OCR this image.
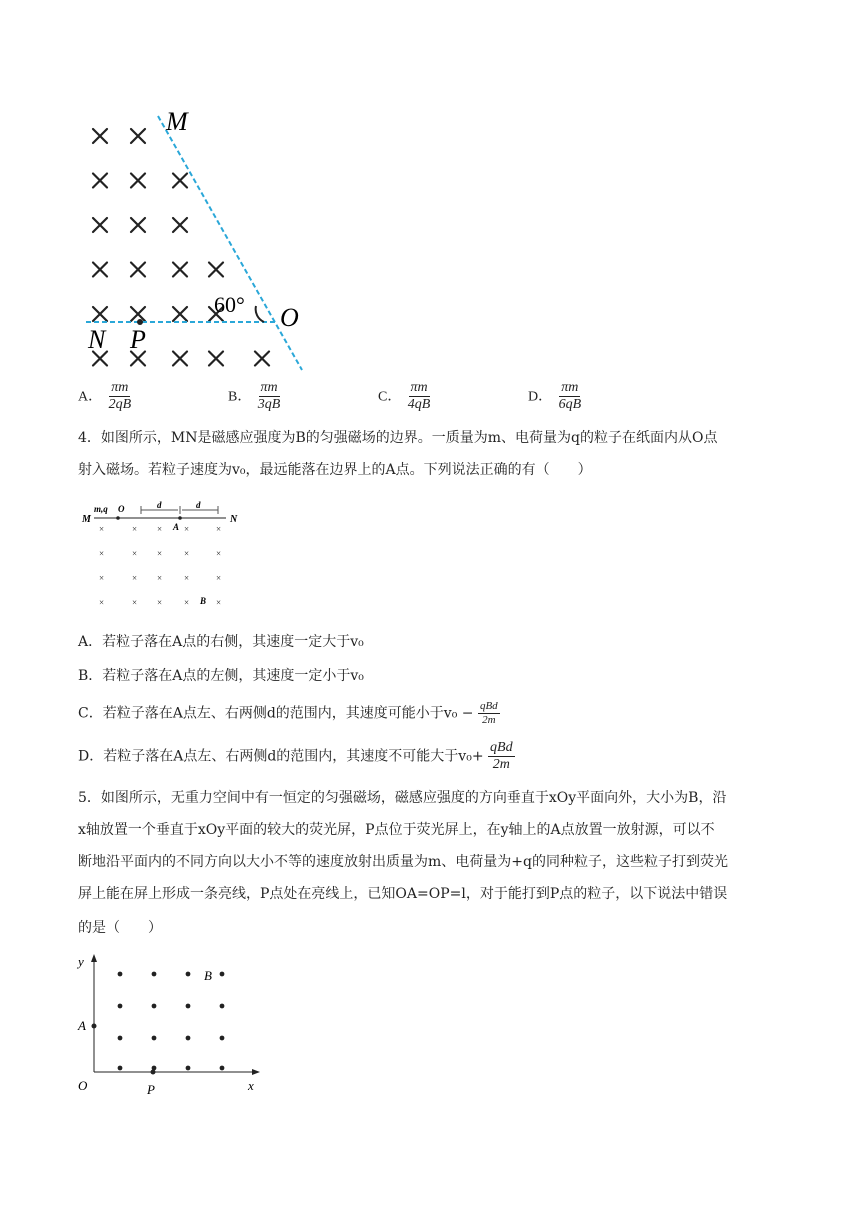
M
60° O
N P
A． $\frac{\pi m}{2qB}$	B． $\frac{\pi m}{3qB}$	C． $\frac{\pi m}{4qB}$	D． $\frac{\pi m}{6qB}$
4．如图所示，MN是磁感应强度为B的匀强磁场的边界。一质量为m、电荷量为q的粒子在纸面内从O点
射入磁场。若粒子速度为v₀，最远能落在边界上的A点。下列说法正确的有（　　）
×	× × ×	×
×	× × ×	×
×	× × ×	×
×	× × ×	×
M
m,q O	d	d
A
N
B
A．若粒子落在A点的右侧，其速度一定大于v₀
B．若粒子落在A点的左侧，其速度一定小于v₀
C．若粒子落在A点左、右两侧d的范围内，其速度可能小于$v_0 - \frac{\text{qBd}}{2m}$
D．若粒子落在A点左、右两侧d的范围内，其速度不可能大于$v_0+ \frac{\text{qBd}}{2m}$
5．如图所示，无重力空间中有一恒定的匀强磁场，磁感应强度的方向垂直于xOy平面向外，大小为B，沿
x轴放置一个垂直于xOy平面的较大的荧光屏，P点位于荧光屏上，在y轴上的A点放置一放射源，可以不
断地沿平面内的不同方向以大小不等的速度放射出质量为m、电荷量为+q的同种粒子，这些粒子打到荧光
屏上能在屏上形成一条亮线，P点处在亮线上，已知OA=OP=l，对于能打到P点的粒子，以下说法中错误
的是（　　）
y
x
O
A
P
B
